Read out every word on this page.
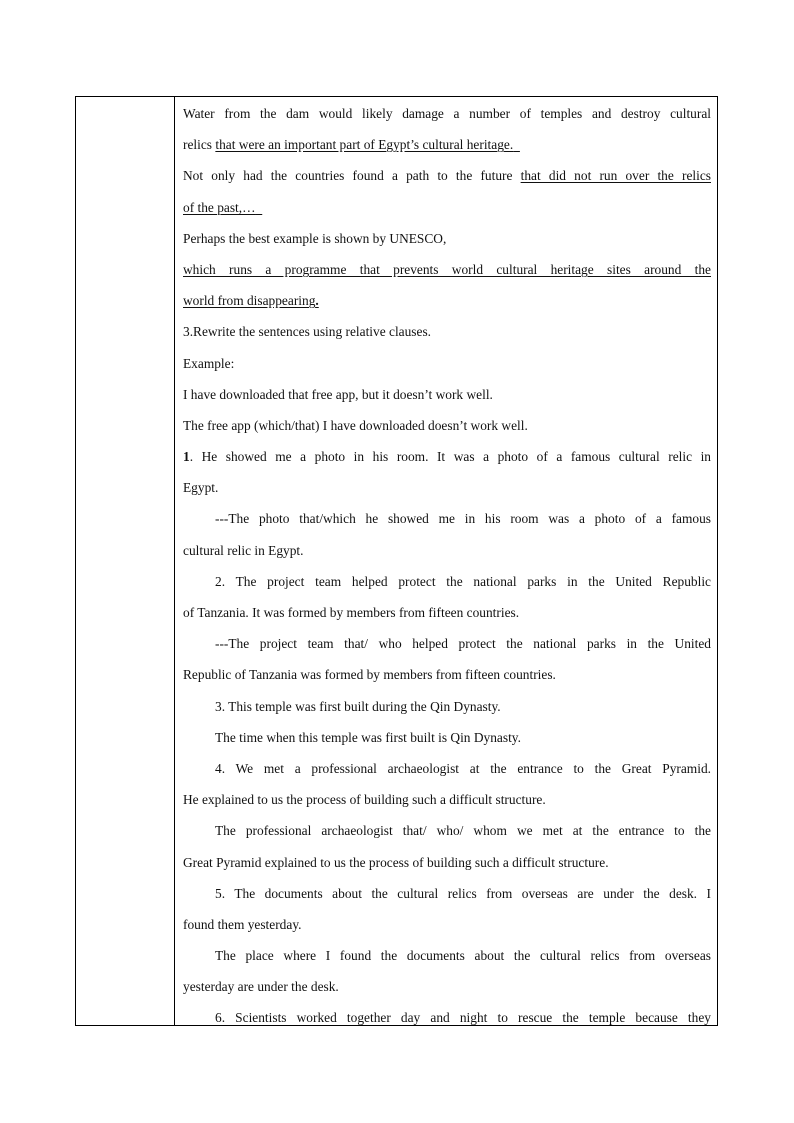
Water from the dam would likely damage a number of temples and destroy cultural
relics that were an important part of Egypt’s cultural heritage.
Not only had the countries found a path to the future that did not run over the relics
of the past,…
Perhaps the best example is shown by UNESCO,
which runs a programme that prevents world cultural heritage sites around the
world from disappearing.
3.Rewrite the sentences using relative clauses.
Example:
I have downloaded that free app, but it doesn’t work well.
The free app (which/that) I have downloaded doesn’t work well.
1. He showed me a photo in his room. It was a photo of a famous cultural relic in
Egypt.
---The photo that/which he showed me in his room was a photo of a famous
cultural relic in Egypt.
2. The project team helped protect the national parks in the United Republic
of Tanzania. It was formed by members from fifteen countries.
---The project team that/ who helped protect the national parks in the United
Republic of Tanzania was formed by members from fifteen countries.
3. This temple was first built during the Qin Dynasty.
The time when this temple was first built is Qin Dynasty.
4. We met a professional archaeologist at the entrance to the Great Pyramid.
He explained to us the process of building such a difficult structure.
The professional archaeologist that/ who/ whom we met at the entrance to the
Great Pyramid explained to us the process of building such a difficult structure.
5. The documents about the cultural relics from overseas are under the desk. I
found them yesterday.
The place where I found the documents about the cultural relics from overseas
yesterday are under the desk.
6. Scientists worked together day and night to rescue the temple because they
